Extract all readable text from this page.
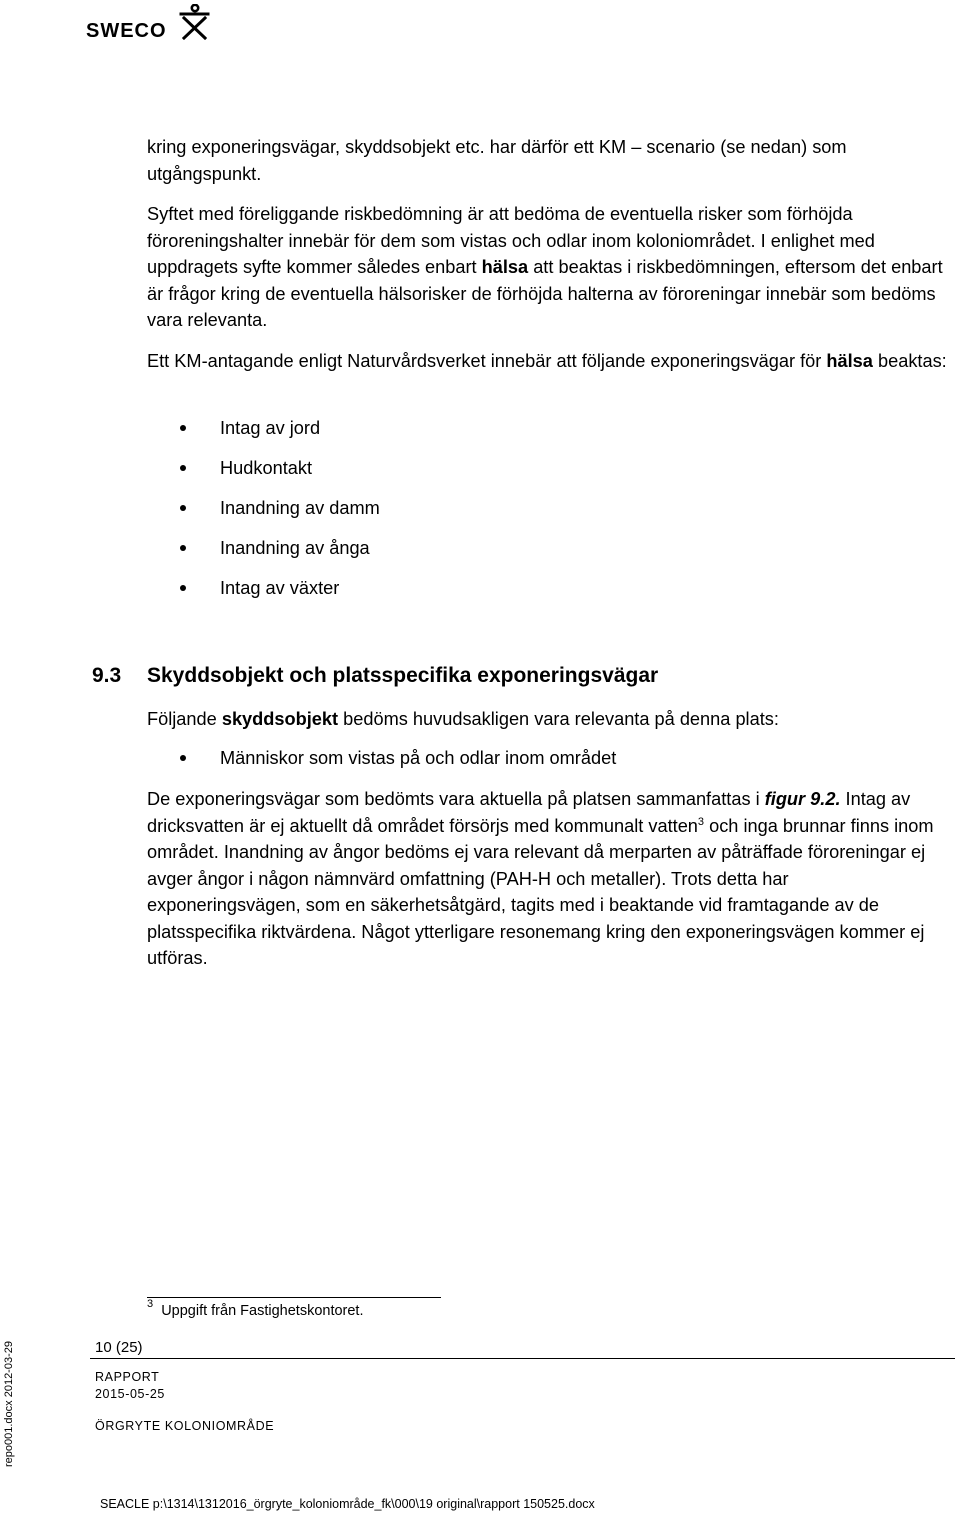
SWECO

kring exponeringsvägar, skyddsobjekt etc. har därför ett KM – scenario (se nedan) som utgångspunkt.

Syftet med föreliggande riskbedömning är att bedöma de eventuella risker som förhöjda föroreningshalter innebär för dem som vistas och odlar inom koloniområdet. I enlighet med uppdragets syfte kommer således enbart hälsa att beaktas i riskbedömningen, eftersom det enbart är frågor kring de eventuella hälsorisker de förhöjda halterna av föroreningar innebär som bedöms vara relevanta.

Ett KM-antagande enligt Naturvårdsverket innebär att följande exponeringsvägar för hälsa beaktas:

Intag av jord
Hudkontakt
Inandning av damm
Inandning av ånga
Intag av växter
9.3 Skyddsobjekt och platsspecifika exponeringsvägar

Följande skyddsobjekt bedöms huvudsakligen vara relevanta på denna plats:

Människor som vistas på och odlar inom området

De exponeringsvägar som bedömts vara aktuella på platsen sammanfattas i figur 9.2. Intag av dricksvatten är ej aktuellt då området försörjs med kommunalt vatten$^3$ och inga brunnar finns inom området. Inandning av ångor bedöms ej vara relevant då merparten av påträffade föroreningar ej avger ångor i någon nämnvärd omfattning (PAH-H och metaller). Trots detta har exponeringsvägen, som en säkerhetsåtgärd, tagits med i beaktande vid framtagande av de platsspecifika riktvärdena. Något ytterligare resonemang kring den exponeringsvägen kommer ej utföras.

$^3$ Uppgift från Fastighetskontoret.
10 (25)
RAPPORT
2015-05-25
ÖRGRYTE KOLONIOMRÅDE
repo001.docx 2012-03-29
SEACLE p:\1314\1312016_örgryte_koloniområde_fk\000\19 original\rapport 150525.docx
